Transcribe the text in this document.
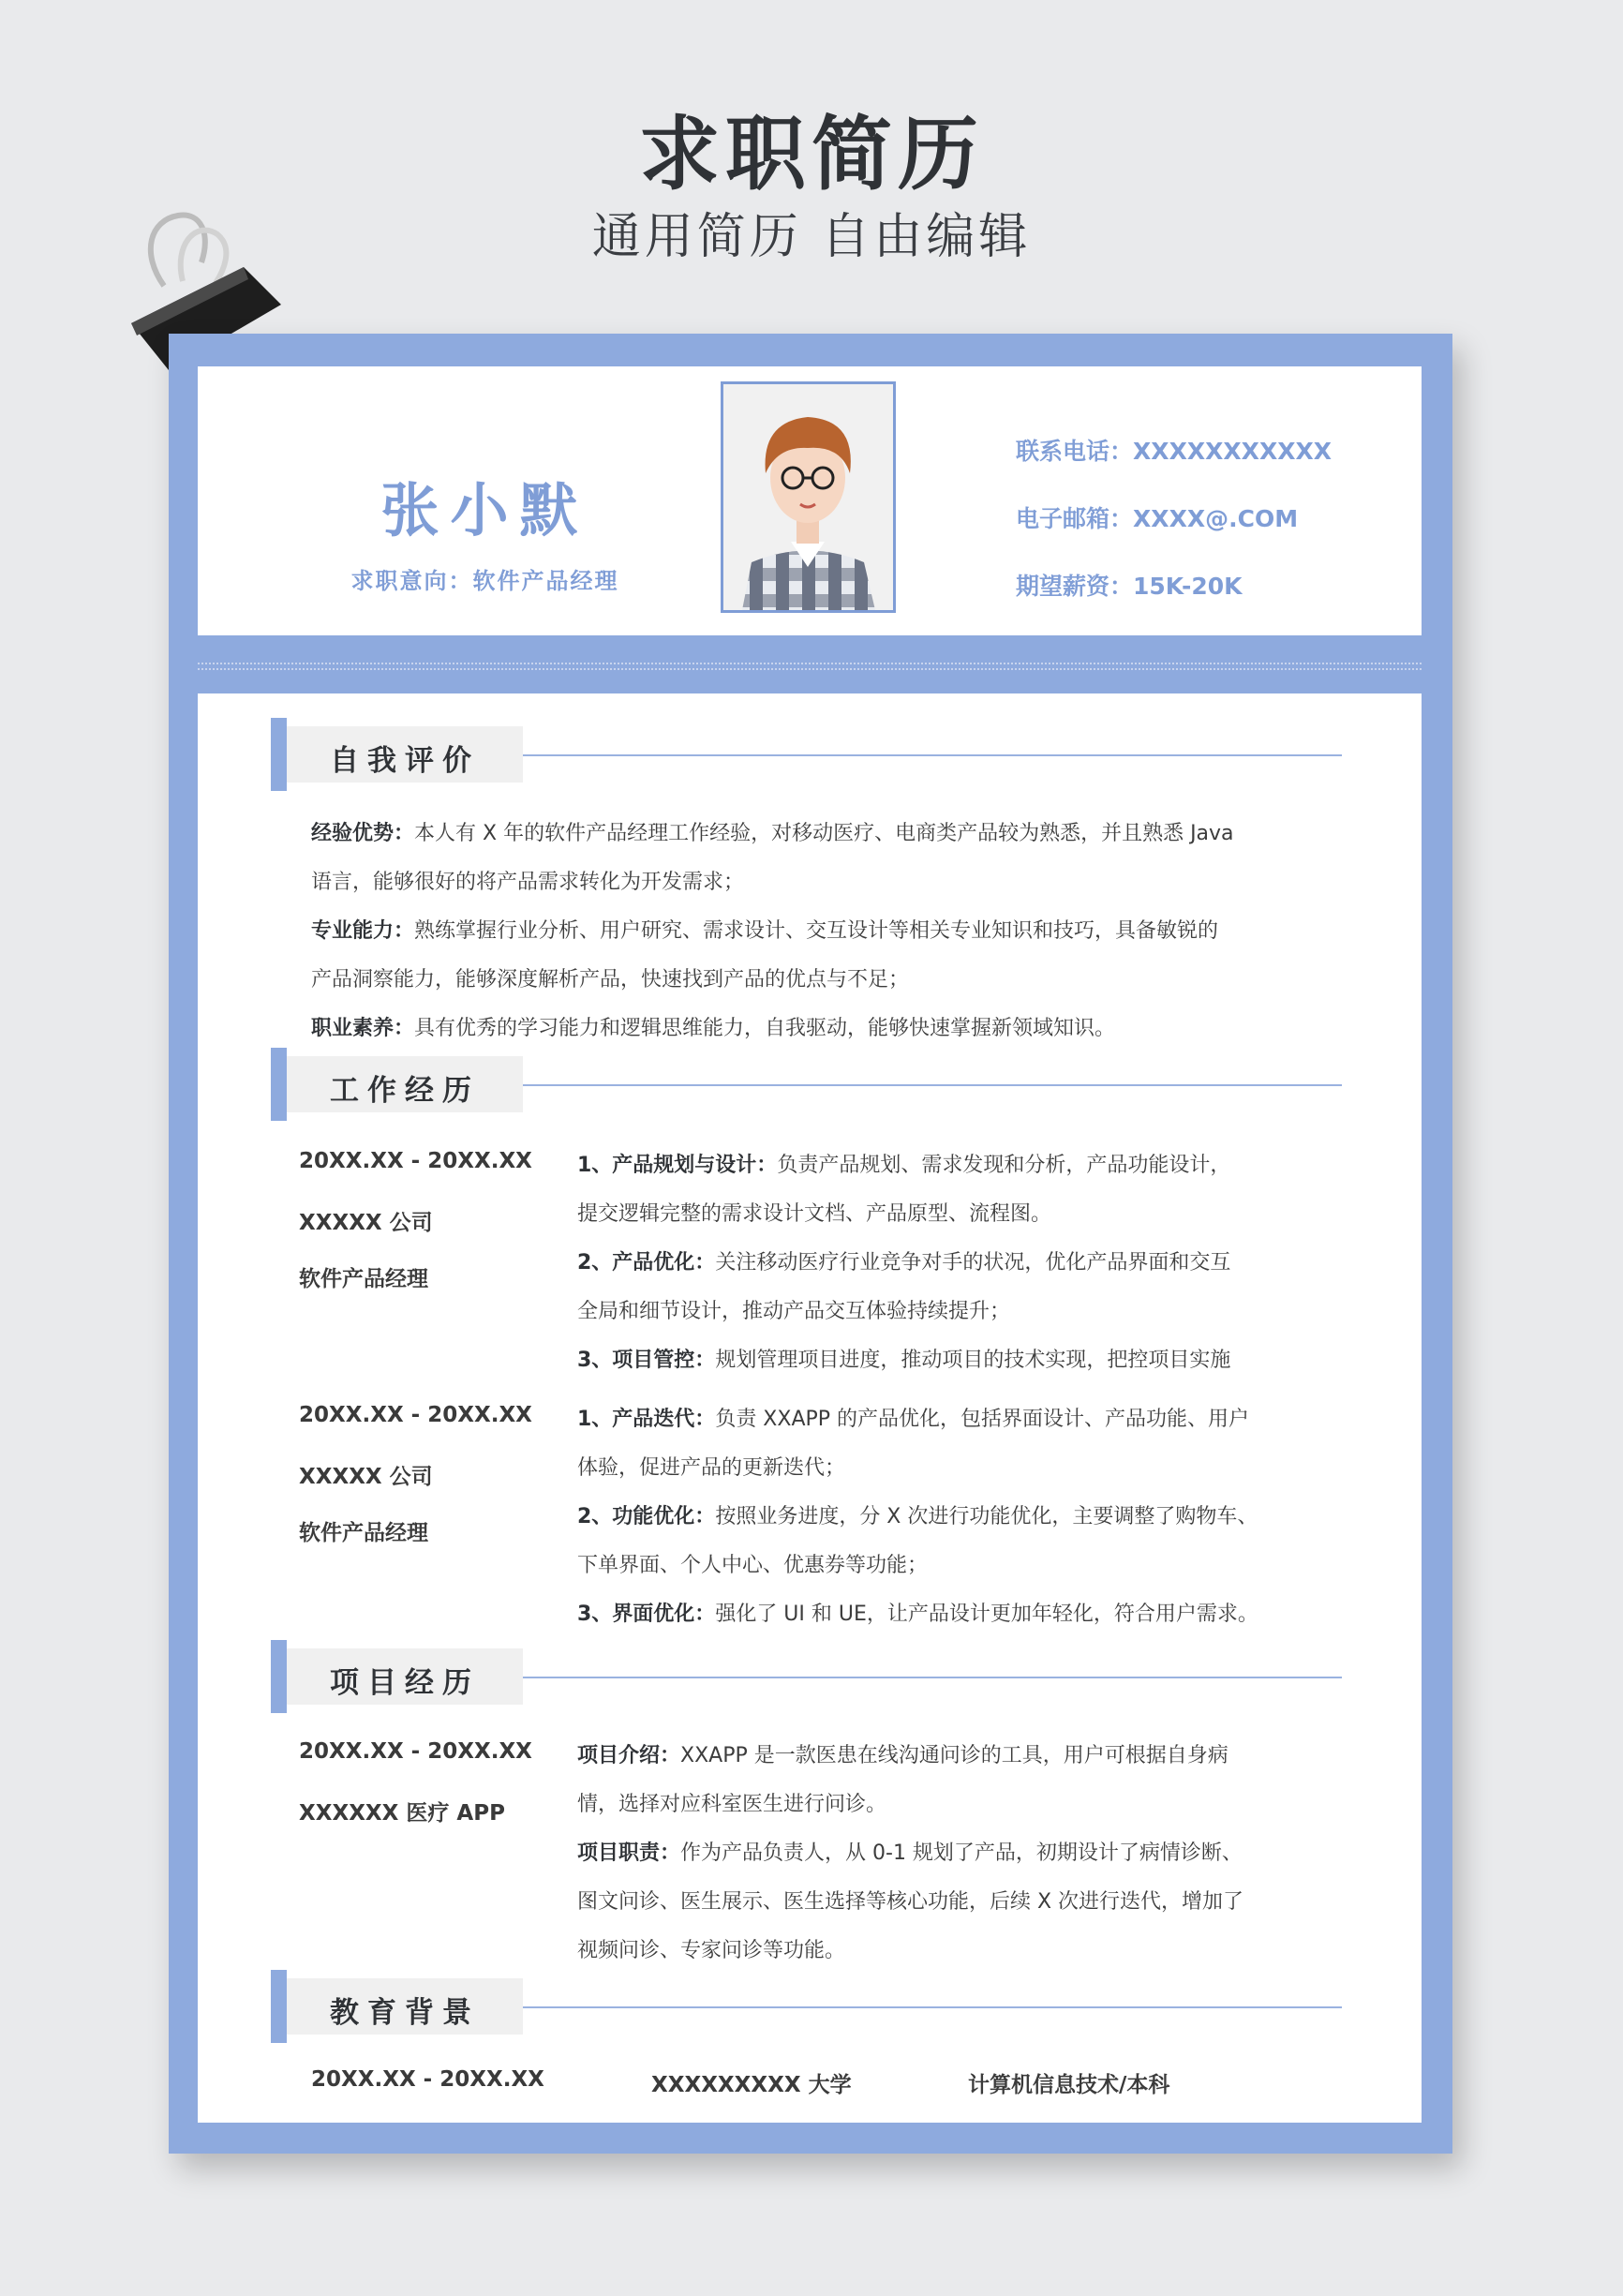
求职简历
通用简历 自由编辑
张小默
求职意向：软件产品经理
联系电话：XXXXXXXXXXX
电子邮箱：XXXX@.COM
期望薪资：15K-20K
自我评价
经验优势：本人有 X 年的软件产品经理工作经验，对移动医疗、电商类产品较为熟悉，并且熟悉 Java
语言，能够很好的将产品需求转化为开发需求；
专业能力：熟练掌握行业分析、用户研究、需求设计、交互设计等相关专业知识和技巧，具备敏锐的
产品洞察能力，能够深度解析产品，快速找到产品的优点与不足；
职业素养：具有优秀的学习能力和逻辑思维能力，自我驱动，能够快速掌握新领域知识。
工作经历
20XX.XX - 20XX.XX
XXXXX 公司
软件产品经理
1、产品规划与设计：负责产品规划、需求发现和分析，产品功能设计，
提交逻辑完整的需求设计文档、产品原型、流程图。
2、产品优化：关注移动医疗行业竞争对手的状况，优化产品界面和交互
全局和细节设计，推动产品交互体验持续提升；
3、项目管控：规划管理项目进度，推动项目的技术实现，把控项目实施
20XX.XX - 20XX.XX
XXXXX 公司
软件产品经理
1、产品迭代：负责 XXAPP 的产品优化，包括界面设计、产品功能、用户
体验，促进产品的更新迭代；
2、功能优化：按照业务进度，分 X 次进行功能优化，主要调整了购物车、
下单界面、个人中心、优惠券等功能；
3、界面优化：强化了 UI 和 UE，让产品设计更加年轻化，符合用户需求。
项目经历
20XX.XX - 20XX.XX
XXXXXX 医疗 APP
项目介绍：XXAPP 是一款医患在线沟通问诊的工具，用户可根据自身病
情，选择对应科室医生进行问诊。
项目职责：作为产品负责人，从 0-1 规划了产品，初期设计了病情诊断、
图文问诊、医生展示、医生选择等核心功能，后续 X 次进行迭代，增加了
视频问诊、专家问诊等功能。
教育背景
20XX.XX - 20XX.XX	XXXXXXXXX 大学	计算机信息技术/本科
